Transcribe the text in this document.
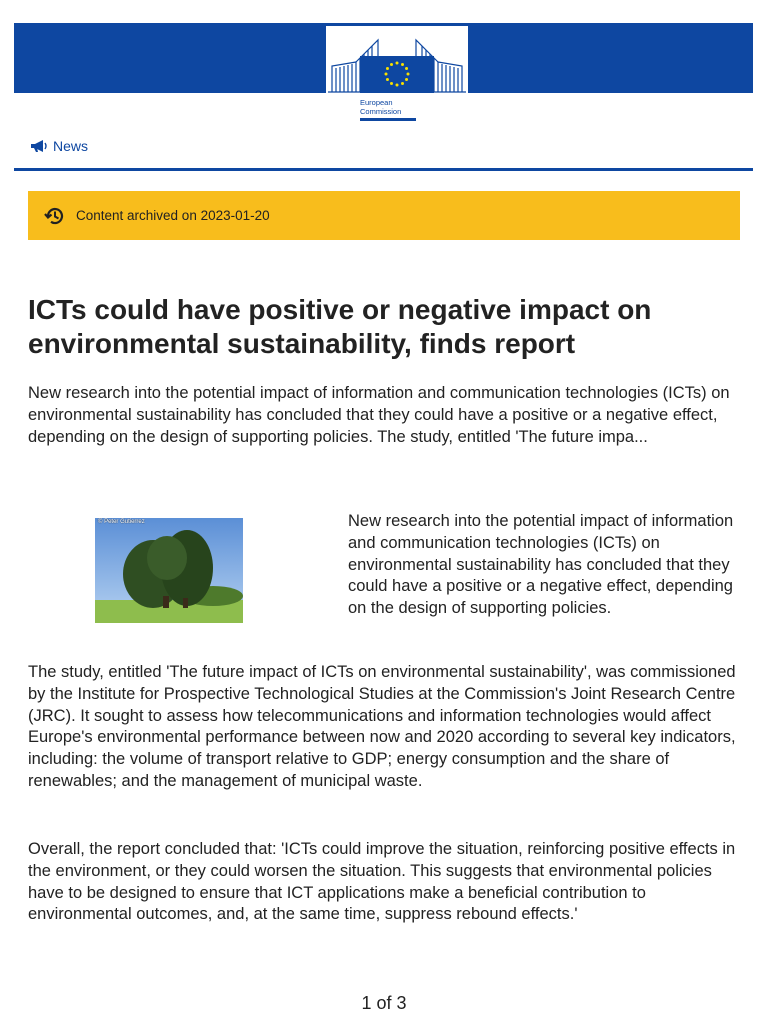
European
Commission
News
Content archived on 2023-01-20
ICTs could have positive or negative impact on environmental sustainability, finds report

New research into the potential impact of information and communication technologies (ICTs) on environmental sustainability has concluded that they could have a positive or a negative effect, depending on the design of supporting policies. The study, entitled 'The future impa...

© Peter Gutierrez	New research into the potential impact of information and communication technologies (ICTs) on environmental sustainability has concluded that they could have a positive or a negative effect, depending on the design of supporting policies.

The study, entitled 'The future impact of ICTs on environmental sustainability', was commissioned by the Institute for Prospective Technological Studies at the Commission's Joint Research Centre (JRC). It sought to assess how telecommunications and information technologies would affect Europe's environmental performance between now and 2020 according to several key indicators, including: the volume of transport relative to GDP; energy consumption and the share of renewables; and the management of municipal waste.

Overall, the report concluded that: 'ICTs could improve the situation, reinforcing positive effects in the environment, or they could worsen the situation. This suggests that environmental policies have to be designed to ensure that ICT applications make a beneficial contribution to environmental outcomes, and, at the same time, suppress rebound effects.'

1 of 3
